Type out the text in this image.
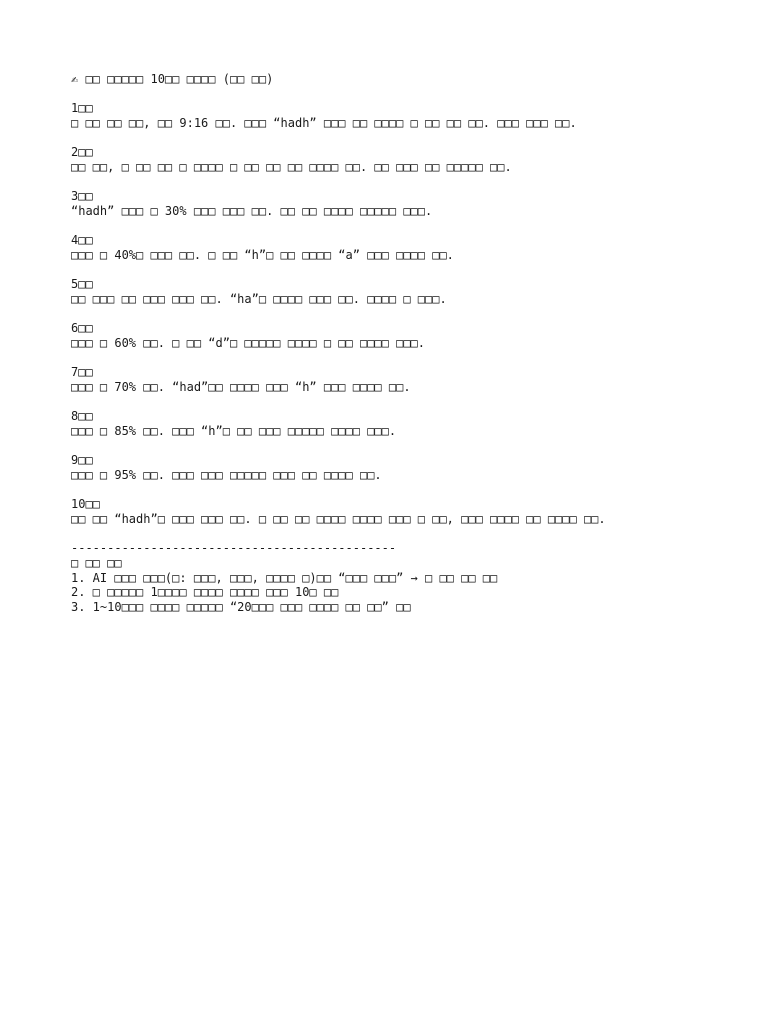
✍ □□ □□□□□ 10□□ □□□□ (□□ □□)
1□□
□ □□ □□ □□, □□ 9:16 □□. □□□ “hadh” □□□ □□ □□□□ □ □□ □□ □□. □□□ □□□ □□.
2□□
□□ □□, □ □□ □□ □ □□□□ □ □□ □□ □□ □□□□ □□. □□ □□□ □□ □□□□□ □□.
3□□
“hadh” □□□ □ 30% □□□ □□□ □□. □□ □□ □□□□ □□□□□ □□□.
4□□
□□□ □ 40%□ □□□ □□. □ □□ “h”□ □□ □□□□ “a” □□□ □□□□ □□.
5□□
□□ □□□ □□ □□□ □□□ □□. “ha”□ □□□□ □□□ □□. □□□□ □ □□□.
6□□
□□□ □ 60% □□. □ □□ “d”□ □□□□□ □□□□ □ □□ □□□□ □□□.
7□□
□□□ □ 70% □□. “had”□□ □□□□ □□□ “h” □□□ □□□□ □□.
8□□
□□□ □ 85% □□. □□□ “h”□ □□ □□□ □□□□□ □□□□ □□□.
9□□
□□□ □ 95% □□. □□□ □□□ □□□□□ □□□ □□ □□□□ □□.
10□□
□□ □□ “hadh”□ □□□ □□□ □□. □ □□ □□ □□□□ □□□□ □□□ □ □□, □□□ □□□□ □□ □□□□ □□.
---------------------------------------------
□ □□ □□
1. AI □□□ □□□(□: □□□, □□□, □□□□ □)□□ “□□□ □□□” → □ □□ □□ □□
2. □ □□□□□ 1□□□□ □□□□ □□□□ □□□ 10□ □□
3. 1~10□□□ □□□□ □□□□□ “20□□□ □□□ □□□□ □□ □□” □□
